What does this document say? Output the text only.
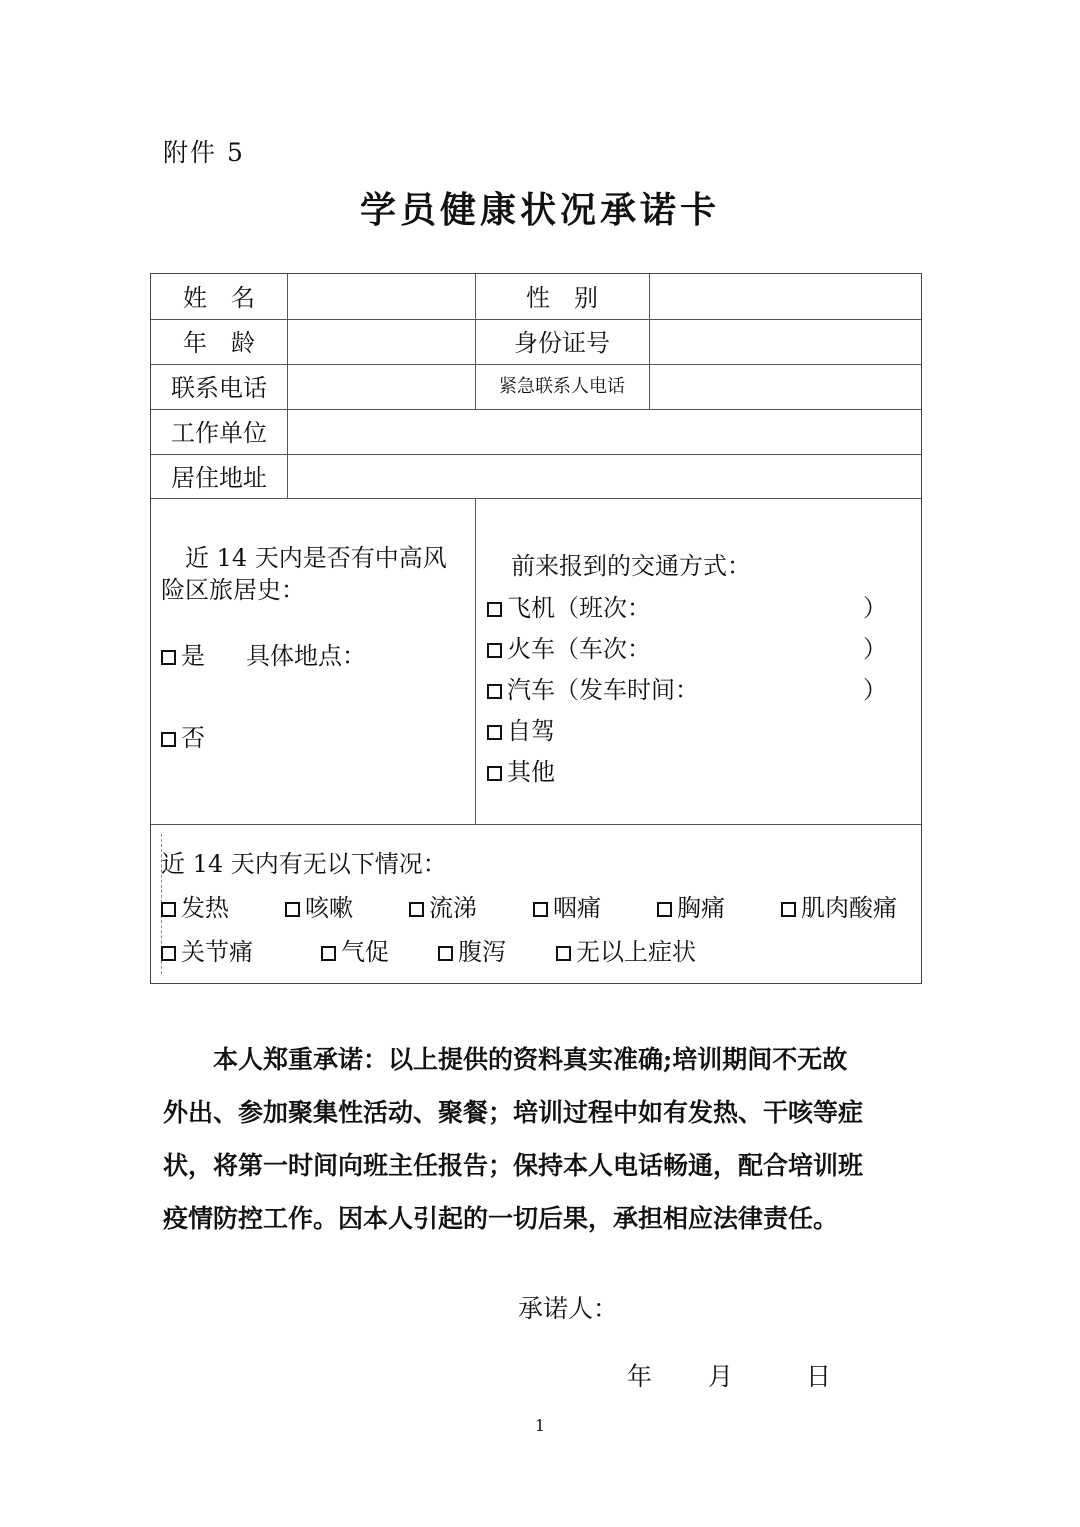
附件 5
学员健康状况承诺卡
姓　名	性　别
年　龄	身份证号
联系电话	紧急联系人电话
工作单位
居住地址
近 14 天内是否有中高风
险区旅居史：
是 具体地点：
否
前来报到的交通方式：
飞机（班次：	）
火车（车次：	）
汽车（发车时间：	）
自驾
其他
近 14 天内有无以下情况：
发热	咳嗽	流涕	咽痛	胸痛	肌肉酸痛
关节痛	气促	腹泻	无以上症状
　　本人郑重承诺：以上提供的资料真实准确;培训期间不无故
外出、参加聚集性活动、聚餐；培训过程中如有发热、干咳等症
状，将第一时间向班主任报告；保持本人电话畅通，配合培训班
疫情防控工作。因本人引起的一切后果，承担相应法律责任。
承诺人：
年 月	日
1
